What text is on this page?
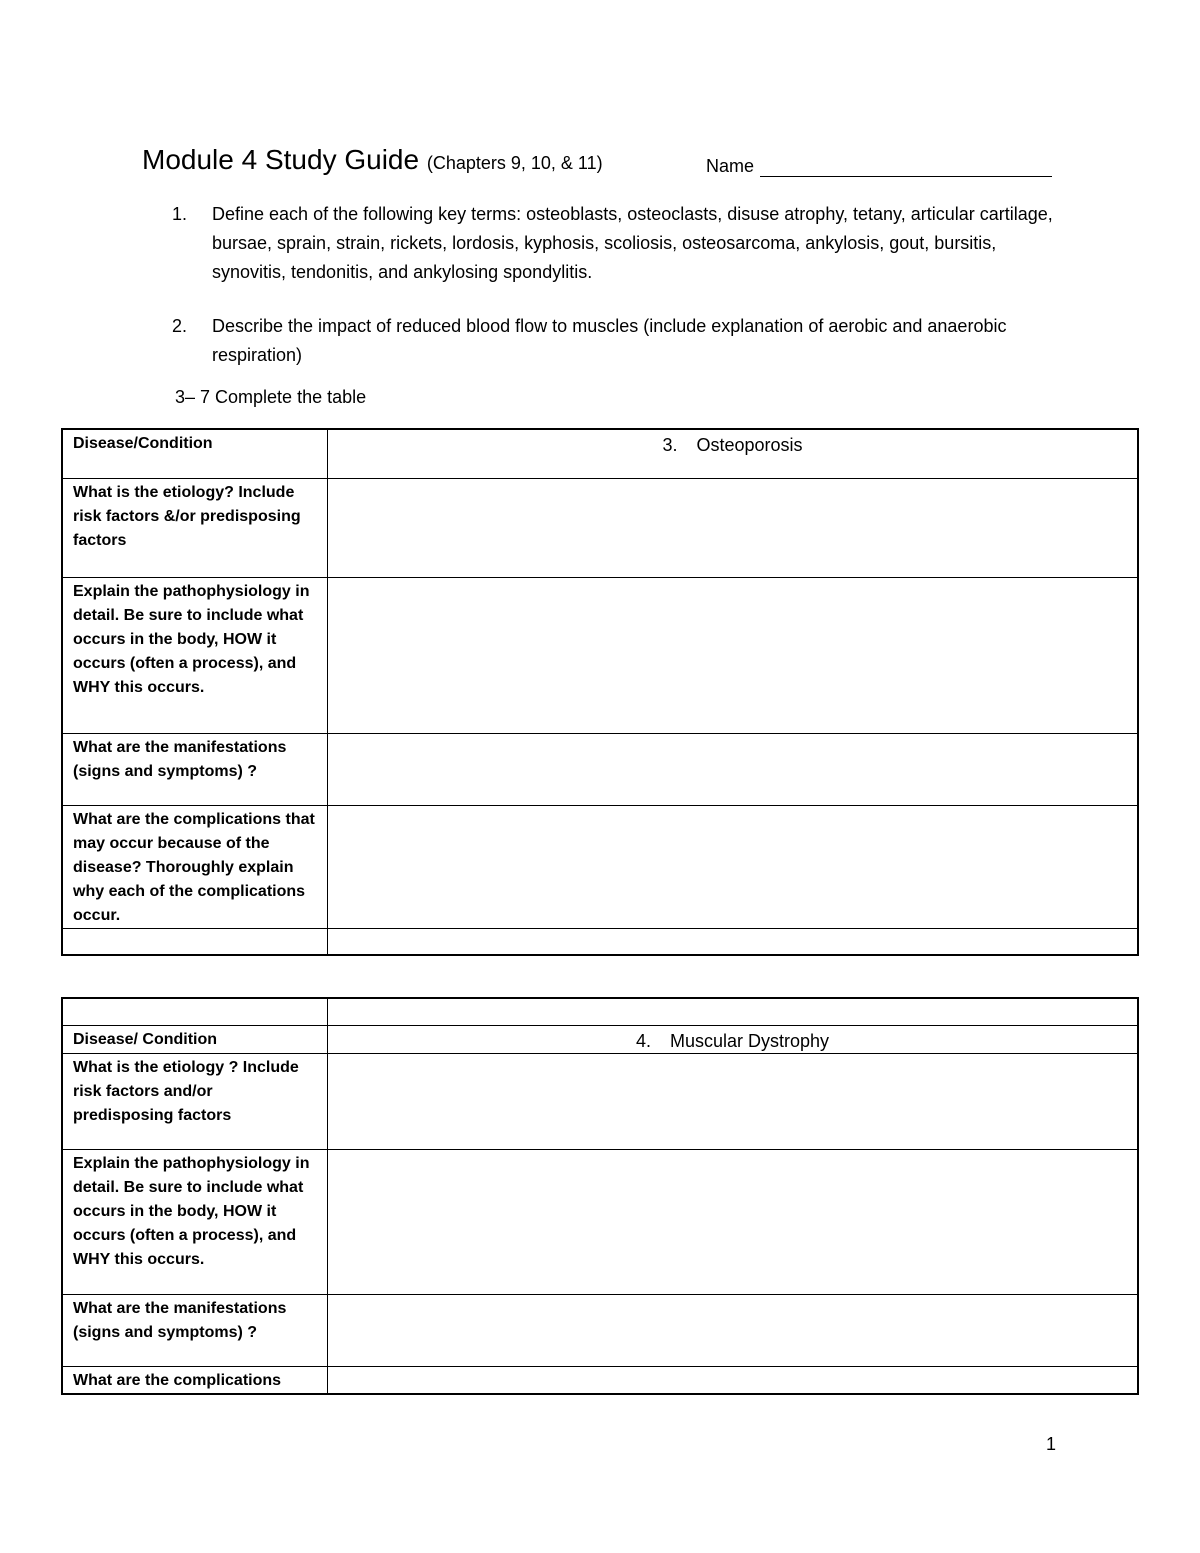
Module 4 Study Guide (Chapters 9, 10, & 11)	Name
1. Define each of the following key terms: osteoblasts, osteoclasts, disuse atrophy, tetany, articular cartilage, bursae, sprain, strain, rickets, lordosis, kyphosis, scoliosis, osteosarcoma, ankylosis, gout, bursitis, synovitis, tendonitis, and ankylosing spondylitis.
2. Describe the impact of reduced blood flow to muscles (include explanation of aerobic and anaerobic respiration)
3– 7 Complete the table
Disease/Condition	3. Osteoporosis
What is the etiology? Include risk factors &/or predisposing factors	
Explain the pathophysiology in detail. Be sure to include what occurs in the body, HOW it occurs (often a process), and WHY this occurs.	
What are the manifestations (signs and symptoms) ?	
What are the complications that may occur because of the disease? Thoroughly explain why each of the complications occur.	

Disease/ Condition	4. Muscular Dystrophy
What is the etiology ? Include risk factors and/or predisposing factors	
Explain the pathophysiology in detail. Be sure to include what occurs in the body, HOW it occurs (often a process), and WHY this occurs.	
What are the manifestations (signs and symptoms) ?	
What are the complications	
1
